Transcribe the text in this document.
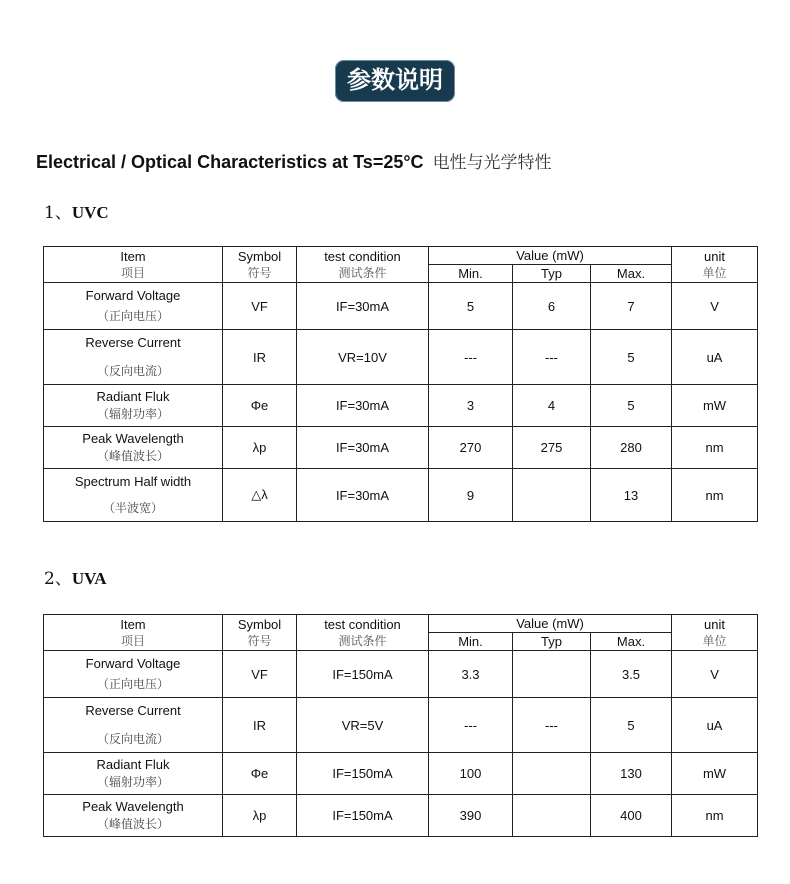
参数说明
Electrical / Optical Characteristics at Ts=25°C 电性与光学特性
1、UVC
Item
项目	Symbol
符号	test condition
测试条件	Value (mW)			unit
单位

			Min.	Typ	Max.	

Forward Voltage
（正向电压）	VF	IF=30mA	5	6	7	V

Reverse Current
（反向电流）	IR	VR=10V	---	---	5	uA

Radiant Fluk
（辐射功率）	Φe	IF=30mA	3	4	5	mW

Peak Wavelength
（峰值波长）	λp	IF=30mA	270	275	280	nm

Spectrum Half width
（半波宽）	△λ	IF=30mA	9		13	nm
2、UVA
Item
项目	Symbol
符号	test condition
测试条件	Value (mW)			unit
单位

			Min.	Typ	Max.	

Forward Voltage
（正向电压）	VF	IF=150mA	3.3		3.5	V

Reverse Current
（反向电流）	IR	VR=5V	---	---	5	uA

Radiant Fluk
（辐射功率）	Φe	IF=150mA	100		130	mW

Peak Wavelength
（峰值波长）	λp	IF=150mA	390		400	nm
